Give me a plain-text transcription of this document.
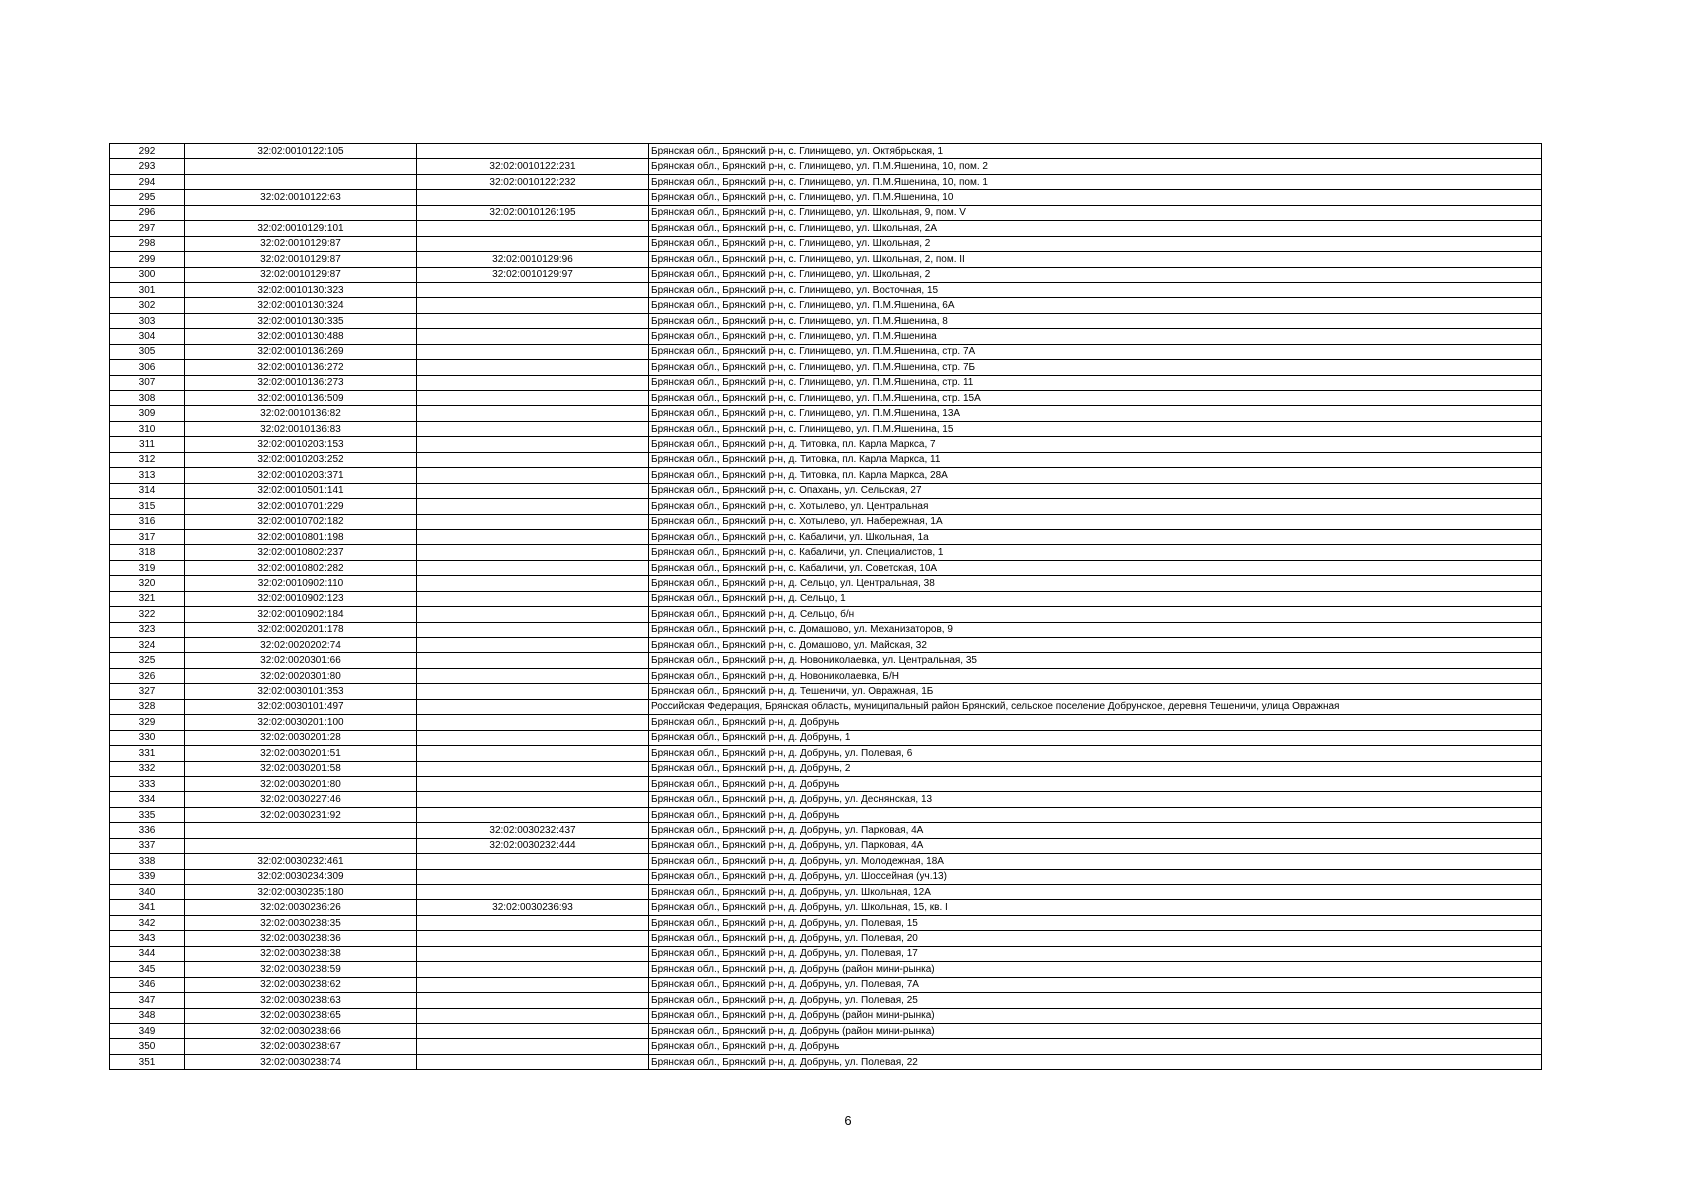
292	32:02:0010122:105		Брянская обл., Брянский р-н, с. Глинищево, ул. Октябрьская, 1
293		32:02:0010122:231	Брянская обл., Брянский р-н, с. Глинищево, ул. П.М.Яшенина, 10, пом. 2
294		32:02:0010122:232	Брянская обл., Брянский р-н, с. Глинищево, ул. П.М.Яшенина, 10, пом. 1
295	32:02:0010122:63		Брянская обл., Брянский р-н, с. Глинищево, ул. П.М.Яшенина, 10
296		32:02:0010126:195	Брянская обл., Брянский р-н, с. Глинищево, ул. Школьная, 9, пом. V
297	32:02:0010129:101		Брянская обл., Брянский р-н, с. Глинищево, ул. Школьная, 2А
298	32:02:0010129:87		Брянская обл., Брянский р-н, с. Глинищево, ул. Школьная, 2
299	32:02:0010129:87	32:02:0010129:96	Брянская обл., Брянский р-н, с. Глинищево, ул. Школьная, 2, пом. II
300	32:02:0010129:87	32:02:0010129:97	Брянская обл., Брянский р-н, с. Глинищево, ул. Школьная, 2
301	32:02:0010130:323		Брянская обл., Брянский р-н, с. Глинищево, ул. Восточная, 15
302	32:02:0010130:324		Брянская обл., Брянский р-н, с. Глинищево, ул. П.М.Яшенина, 6А
303	32:02:0010130:335		Брянская обл., Брянский р-н, с. Глинищево, ул. П.М.Яшенина, 8
304	32:02:0010130:488		Брянская обл., Брянский р-н, с. Глинищево, ул. П.М.Яшенина
305	32:02:0010136:269		Брянская обл., Брянский р-н, с. Глинищево, ул. П.М.Яшенина, стр. 7А
306	32:02:0010136:272		Брянская обл., Брянский р-н, с. Глинищево, ул. П.М.Яшенина, стр. 7Б
307	32:02:0010136:273		Брянская обл., Брянский р-н, с. Глинищево, ул. П.М.Яшенина, стр. 11
308	32:02:0010136:509		Брянская обл., Брянский р-н, с. Глинищево, ул. П.М.Яшенина, стр. 15А
309	32:02:0010136:82		Брянская обл., Брянский р-н, с. Глинищево, ул. П.М.Яшенина, 13А
310	32:02:0010136:83		Брянская обл., Брянский р-н, с. Глинищево, ул. П.М.Яшенина, 15
311	32:02:0010203:153		Брянская обл., Брянский р-н, д. Титовка, пл. Карла Маркса, 7
312	32:02:0010203:252		Брянская обл., Брянский р-н, д. Титовка, пл. Карла Маркса, 11
313	32:02:0010203:371		Брянская обл., Брянский р-н, д. Титовка, пл. Карла Маркса, 28А
314	32:02:0010501:141		Брянская обл., Брянский р-н, с. Опахань, ул. Сельская, 27
315	32:02:0010701:229		Брянская обл., Брянский р-н, с. Хотылево, ул. Центральная
316	32:02:0010702:182		Брянская обл., Брянский р-н, с. Хотылево, ул. Набережная, 1А
317	32:02:0010801:198		Брянская обл., Брянский р-н, с. Кабаличи, ул. Школьная, 1а
318	32:02:0010802:237		Брянская обл., Брянский р-н, с. Кабаличи, ул. Специалистов, 1
319	32:02:0010802:282		Брянская обл., Брянский р-н, с. Кабаличи, ул. Советская, 10А
320	32:02:0010902:110		Брянская обл., Брянский р-н, д. Сельцо, ул. Центральная, 38
321	32:02:0010902:123		Брянская обл., Брянский р-н, д. Сельцо, 1
322	32:02:0010902:184		Брянская обл., Брянский р-н, д. Сельцо, б/н
323	32:02:0020201:178		Брянская обл., Брянский р-н, с. Домашово, ул. Механизаторов, 9
324	32:02:0020202:74		Брянская обл., Брянский р-н, с. Домашово, ул. Майская, 32
325	32:02:0020301:66		Брянская обл., Брянский р-н, д. Новониколаевка, ул. Центральная, 35
326	32:02:0020301:80		Брянская обл., Брянский р-н, д. Новониколаевка, Б/Н
327	32:02:0030101:353		Брянская обл., Брянский р-н, д. Тешеничи, ул. Овражная, 1Б
328	32:02:0030101:497		Российская Федерация, Брянская область, муниципальный район Брянский, сельское поселение Добрунское, деревня Тешеничи, улица Овражная
329	32:02:0030201:100		Брянская обл., Брянский р-н, д. Добрунь
330	32:02:0030201:28		Брянская обл., Брянский р-н, д. Добрунь, 1
331	32:02:0030201:51		Брянская обл., Брянский р-н, д. Добрунь, ул. Полевая, 6
332	32:02:0030201:58		Брянская обл., Брянский р-н, д. Добрунь, 2
333	32:02:0030201:80		Брянская обл., Брянский р-н, д. Добрунь
334	32:02:0030227:46		Брянская обл., Брянский р-н, д. Добрунь, ул. Деснянская, 13
335	32:02:0030231:92		Брянская обл., Брянский р-н, д. Добрунь
336		32:02:0030232:437	Брянская обл., Брянский р-н, д. Добрунь, ул. Парковая, 4А
337		32:02:0030232:444	Брянская обл., Брянский р-н, д. Добрунь, ул. Парковая, 4А
338	32:02:0030232:461		Брянская обл., Брянский р-н, д. Добрунь, ул. Молодежная, 18А
339	32:02:0030234:309		Брянская обл., Брянский р-н, д. Добрунь, ул. Шоссейная (уч.13)
340	32:02:0030235:180		Брянская обл., Брянский р-н, д. Добрунь, ул. Школьная, 12А
341	32:02:0030236:26	32:02:0030236:93	Брянская обл., Брянский р-н, д. Добрунь, ул. Школьная, 15, кв. I
342	32:02:0030238:35		Брянская обл., Брянский р-н, д. Добрунь, ул. Полевая, 15
343	32:02:0030238:36		Брянская обл., Брянский р-н, д. Добрунь, ул. Полевая, 20
344	32:02:0030238:38		Брянская обл., Брянский р-н, д. Добрунь, ул. Полевая, 17
345	32:02:0030238:59		Брянская обл., Брянский р-н, д. Добрунь (район мини-рынка)
346	32:02:0030238:62		Брянская обл., Брянский р-н, д. Добрунь, ул. Полевая, 7А
347	32:02:0030238:63		Брянская обл., Брянский р-н, д. Добрунь, ул. Полевая, 25
348	32:02:0030238:65		Брянская обл., Брянский р-н, д. Добрунь (район мини-рынка)
349	32:02:0030238:66		Брянская обл., Брянский р-н, д. Добрунь (район мини-рынка)
350	32:02:0030238:67		Брянская обл., Брянский р-н, д. Добрунь
351	32:02:0030238:74		Брянская обл., Брянский р-н, д. Добрунь, ул. Полевая, 22
6
